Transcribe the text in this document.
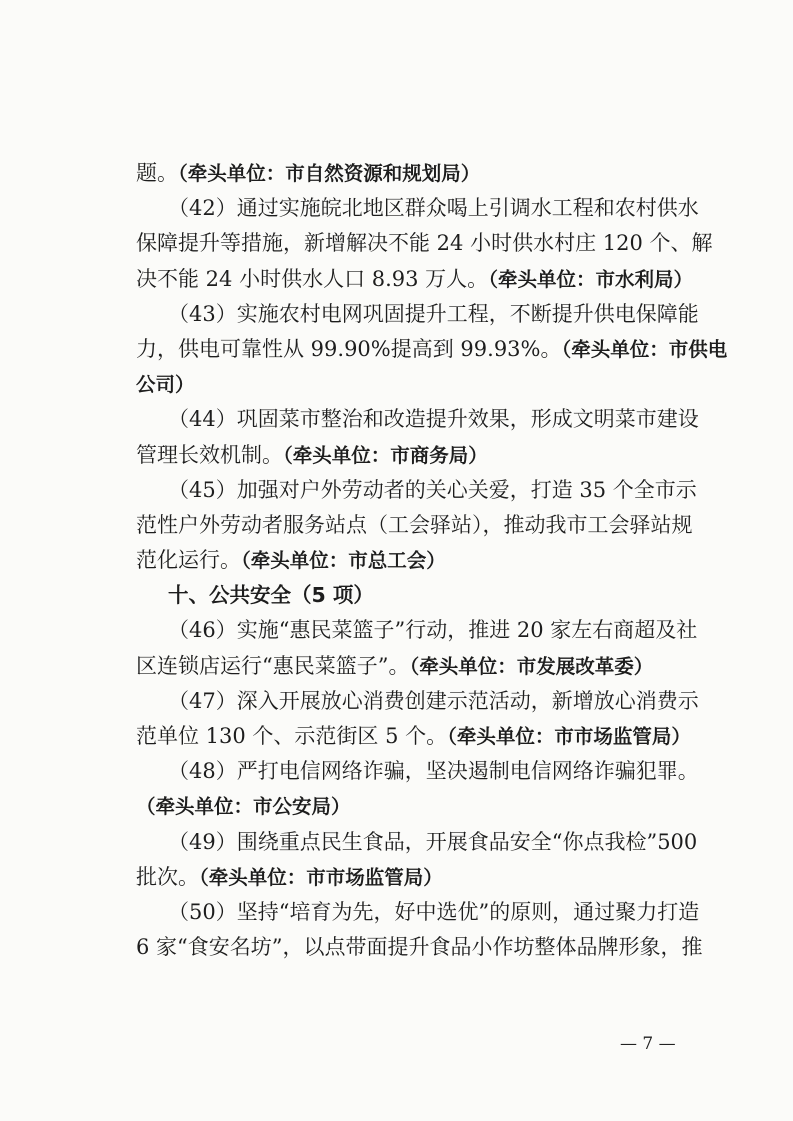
题。（牵头单位：市自然资源和规划局）
（42）通过实施皖北地区群众喝上引调水工程和农村供水
保障提升等措施，新增解决不能 24 小时供水村庄 120 个、解
决不能 24 小时供水人口 8.93 万人。（牵头单位：市水利局）
（43）实施农村电网巩固提升工程，不断提升供电保障能
力，供电可靠性从 99.90%提高到 99.93%。（牵头单位：市供电
公司）
（44）巩固菜市整治和改造提升效果，形成文明菜市建设
管理长效机制。（牵头单位：市商务局）
（45）加强对户外劳动者的关心关爱，打造 35 个全市示
范性户外劳动者服务站点（工会驿站），推动我市工会驿站规
范化运行。（牵头单位：市总工会）
十、公共安全（5 项）
（46）实施“惠民菜篮子”行动，推进 20 家左右商超及社
区连锁店运行“惠民菜篮子”。（牵头单位：市发展改革委）
（47）深入开展放心消费创建示范活动，新增放心消费示
范单位 130 个、示范街区 5 个。（牵头单位：市市场监管局）
（48）严打电信网络诈骗，坚决遏制电信网络诈骗犯罪。
（牵头单位：市公安局）
（49）围绕重点民生食品，开展食品安全“你点我检”500
批次。（牵头单位：市市场监管局）
（50）坚持“培育为先，好中选优”的原则，通过聚力打造
6 家“食安名坊”，以点带面提升食品小作坊整体品牌形象，推
— 7 —
